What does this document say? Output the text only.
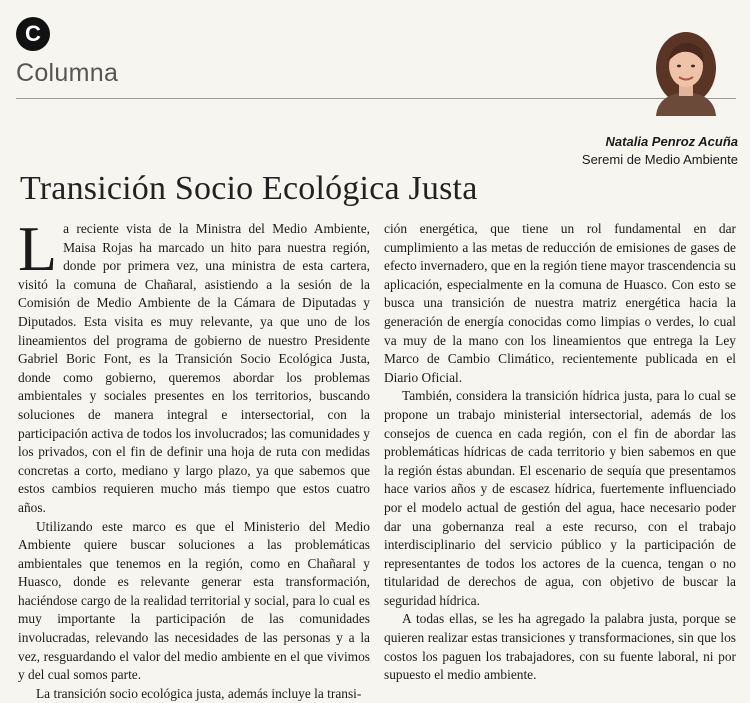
C
Columna
Natalia Penroz Acuña
Seremi de Medio Ambiente
Transición Socio Ecológica Justa

La reciente vista de la Ministra del Medio Ambiente, Maisa Rojas ha marcado un hito para nuestra región, donde por primera vez, una ministra de esta cartera, visitó la comuna de Chañaral, asistiendo a la sesión de la Comisión de Medio Ambiente de la Cámara de Diputadas y Diputados. Esta visita es muy relevante, ya que uno de los lineamientos del programa de gobierno de nuestro Presidente Gabriel Boric Font, es la Transición Socio Ecológica Justa, donde como gobierno, queremos abordar los problemas ambientales y sociales presentes en los territorios, buscando soluciones de manera integral e intersectorial, con la participación activa de todos los involucrados; las comunidades y los privados, con el fin de definir una hoja de ruta con medidas concretas a corto, mediano y largo plazo, ya que sabemos que estos cambios requieren mucho más tiempo que estos cuatro años.

Utilizando este marco es que el Ministerio del Medio Ambiente quiere buscar soluciones a las problemáticas ambientales que tenemos en la región, como en Chañaral y Huasco, donde es relevante generar esta transformación, haciéndose cargo de la realidad territorial y social, para lo cual es muy importante la participación de las comunidades involucradas, relevando las necesidades de las personas y a la vez, resguardando el valor del medio ambiente en el que vivimos y del cual somos parte.

La transición socio ecológica justa, además incluye la transi-

ción energética, que tiene un rol fundamental en dar cumplimiento a las metas de reducción de emisiones de gases de efecto invernadero, que en la región tiene mayor trascendencia su aplicación, especialmente en la comuna de Huasco. Con esto se busca una transición de nuestra matriz energética hacia la generación de energía conocidas como limpias o verdes, lo cual va muy de la mano con los lineamientos que entrega la Ley Marco de Cambio Climático, recientemente publicada en el Diario Oficial.

También, considera la transición hídrica justa, para lo cual se propone un trabajo ministerial intersectorial, además de los consejos de cuenca en cada región, con el fin de abordar las problemáticas hídricas de cada territorio y bien sabemos en que la región éstas abundan. El escenario de sequía que presentamos hace varios años y de escasez hídrica, fuertemente influenciado por el modelo actual de gestión del agua, hace necesario poder dar una gobernanza real a este recurso, con el trabajo interdisciplinario del servicio público y la participación de representantes de todos los actores de la cuenca, tengan o no titularidad de derechos de agua, con objetivo de buscar la seguridad hídrica.

A todas ellas, se les ha agregado la palabra justa, porque se quieren realizar estas transiciones y transformaciones, sin que los costos los paguen los trabajadores, con su fuente laboral, ni por supuesto el medio ambiente.
